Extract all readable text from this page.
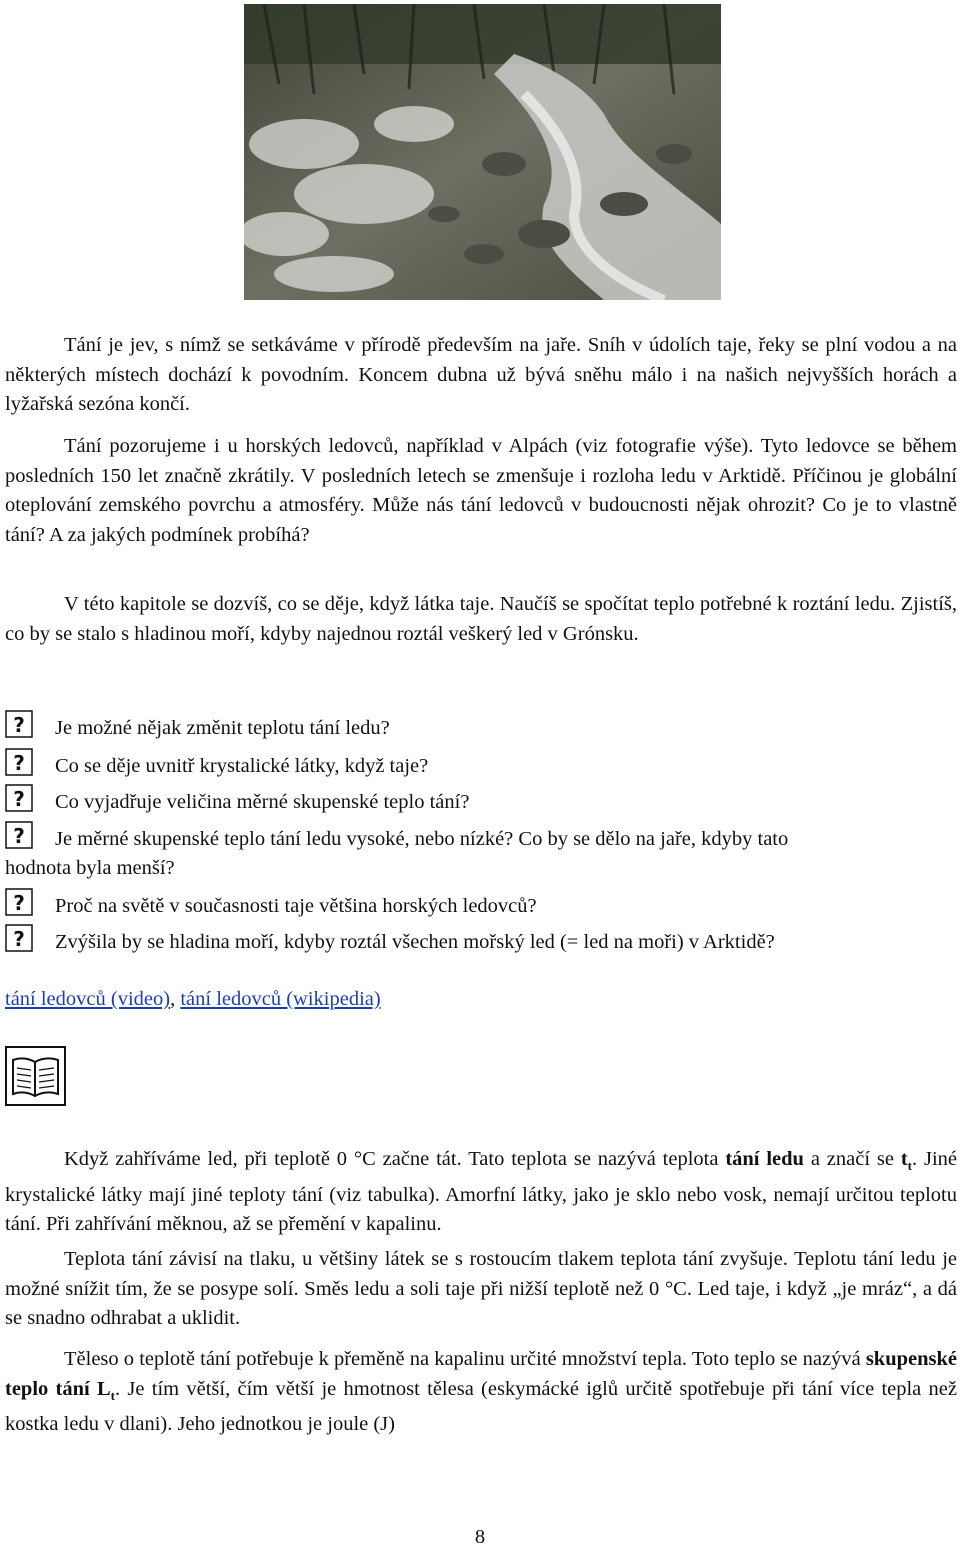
Tání je jev, s nímž se setkáváme v přírodě především na jaře. Sníh v údolích taje, řeky se plní vodou a na některých místech dochází k povodním. Koncem dubna už bývá sněhu málo i na našich nejvyšších horách a lyžařská sezóna končí.

Tání pozorujeme i u horských ledovců, například v Alpách (viz fotografie výše). Tyto ledovce se během posledních 150 let značně zkrátily. V posledních letech se zmenšuje i rozloha ledu v Arktidě. Příčinou je globální oteplování zemského povrchu a atmosféry. Může nás tání ledovců v budoucnosti nějak ohrozit? Co je to vlastně tání? A za jakých podmínek probíhá?

V této kapitole se dozvíš, co se děje, když látka taje. Naučíš se spočítat teplo potřebné k roztání ledu. Zjistíš, co by se stalo s hladinou moří, kdyby najednou roztál veškerý led v Grónsku.

? Je možné nějak změnit teplotu tání ledu?
? Co se děje uvnitř krystalické látky, když taje?
? Co vyjadřuje veličina měrné skupenské teplo tání?
? Je měrné skupenské teplo tání ledu vysoké, nebo nízké? Co by se dělo na jaře, kdyby tato
hodnota byla menší?
? Proč na světě v současnosti taje většina horských ledovců?
? Zvýšila by se hladina moří, kdyby roztál všechen mořský led (= led na moři) v Arktidě?
tání ledovců (video), tání ledovců (wikipedia)

Když zahříváme led, při teplotě 0 °C začne tát. Tato teplota se nazývá teplota tání ledu a značí se $t_t$. Jiné krystalické látky mají jiné teploty tání (viz tabulka). Amorfní látky, jako je sklo nebo vosk, nemají určitou teplotu tání. Při zahřívání měknou, až se přemění v kapalinu.

Teplota tání závisí na tlaku, u většiny látek se s rostoucím tlakem teplota tání zvyšuje. Teplotu tání ledu je možné snížit tím, že se posype solí. Směs ledu a soli taje při nižší teplotě než 0 °C. Led taje, i když „je mráz“, a dá se snadno odhrabat a uklidit.

Těleso o teplotě tání potřebuje k přeměně na kapalinu určité množství tepla. Toto teplo se nazývá skupenské teplo tání $L_t$. Je tím větší, čím větší je hmotnost tělesa (eskymácké iglů určitě spotřebuje při tání více tepla než kostka ledu v dlani). Jeho jednotkou je joule (J)

8
